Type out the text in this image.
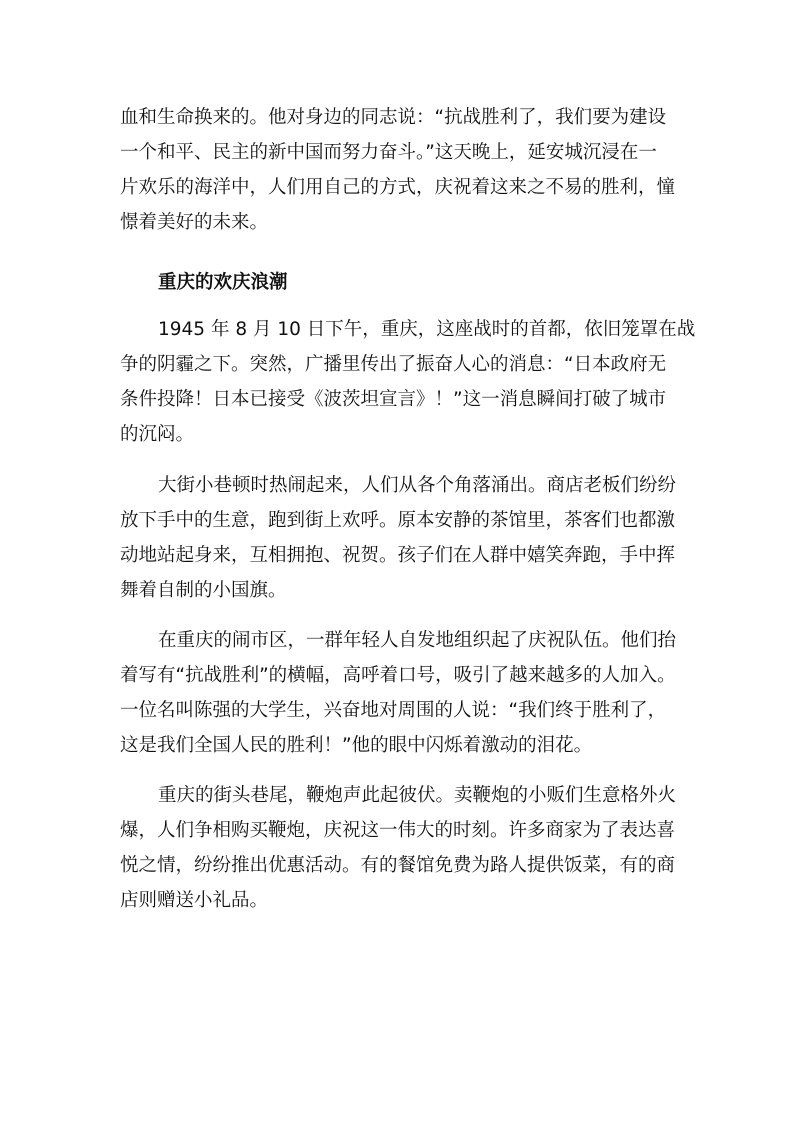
血和生命换来的。他对身边的同志说：“抗战胜利了，我们要为建设
一个和平、民主的新中国而努力奋斗。”这天晚上，延安城沉浸在一
片欢乐的海洋中，人们用自己的方式，庆祝着这来之不易的胜利，憧
憬着美好的未来。
重庆的欢庆浪潮
1945 年 8 月 10 日下午，重庆，这座战时的首都，依旧笼罩在战
争的阴霾之下。突然，广播里传出了振奋人心的消息：“日本政府无
条件投降！日本已接受《波茨坦宣言》！”这一消息瞬间打破了城市
的沉闷。
大街小巷顿时热闹起来，人们从各个角落涌出。商店老板们纷纷
放下手中的生意，跑到街上欢呼。原本安静的茶馆里，茶客们也都激
动地站起身来，互相拥抱、祝贺。孩子们在人群中嬉笑奔跑，手中挥
舞着自制的小国旗。
在重庆的闹市区，一群年轻人自发地组织起了庆祝队伍。他们抬
着写有“抗战胜利”的横幅，高呼着口号，吸引了越来越多的人加入。
一位名叫陈强的大学生，兴奋地对周围的人说：“我们终于胜利了，
这是我们全国人民的胜利！”他的眼中闪烁着激动的泪花。
重庆的街头巷尾，鞭炮声此起彼伏。卖鞭炮的小贩们生意格外火
爆，人们争相购买鞭炮，庆祝这一伟大的时刻。许多商家为了表达喜
悦之情，纷纷推出优惠活动。有的餐馆免费为路人提供饭菜，有的商
店则赠送小礼品。
